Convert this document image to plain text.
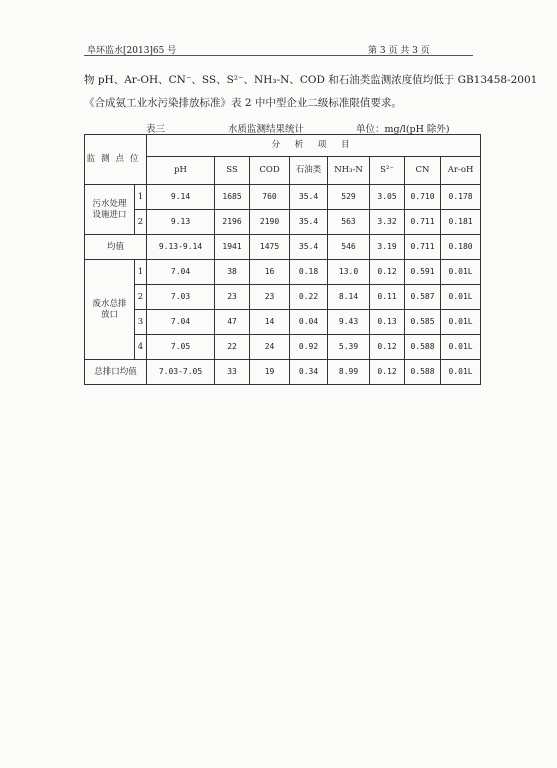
阜环监水[2013]65 号	第 3 页 共 3 页
物 pH、Ar-OH、CN⁻、SS、S²⁻、NH₃-N、COD 和石油类监测浓度值均低于 GB13458-2001
《合成氨工业水污染排放标准》表 2 中中型企业二级标准限值要求。
表三	水质监测结果统计	单位：mg/l(pH 除外)
监测点位		分 析 项 目							
		pH	SS	COD	石油类	NH₃-N	S²⁻	CN	Ar-oH
污水处理设施进口	1	9.14	1685	760	35.4	529	3.05	0.710	0.178
	2	9.13	2196	2190	35.4	563	3.32	0.711	0.181
均值		9.13-9.14	1941	1475	35.4	546	3.19	0.711	0.180
废水总排放口	1	7.04	38	16	0.18	13.0	0.12	0.591	0.01L
	2	7.03	23	23	0.22	8.14	0.11	0.587	0.01L
	3	7.04	47	14	0.04	9.43	0.13	0.585	0.01L
	4	7.05	22	24	0.92	5.39	0.12	0.588	0.01L
总排口均值		7.03-7.05	33	19	0.34	8.99	0.12	0.588	0.01L
